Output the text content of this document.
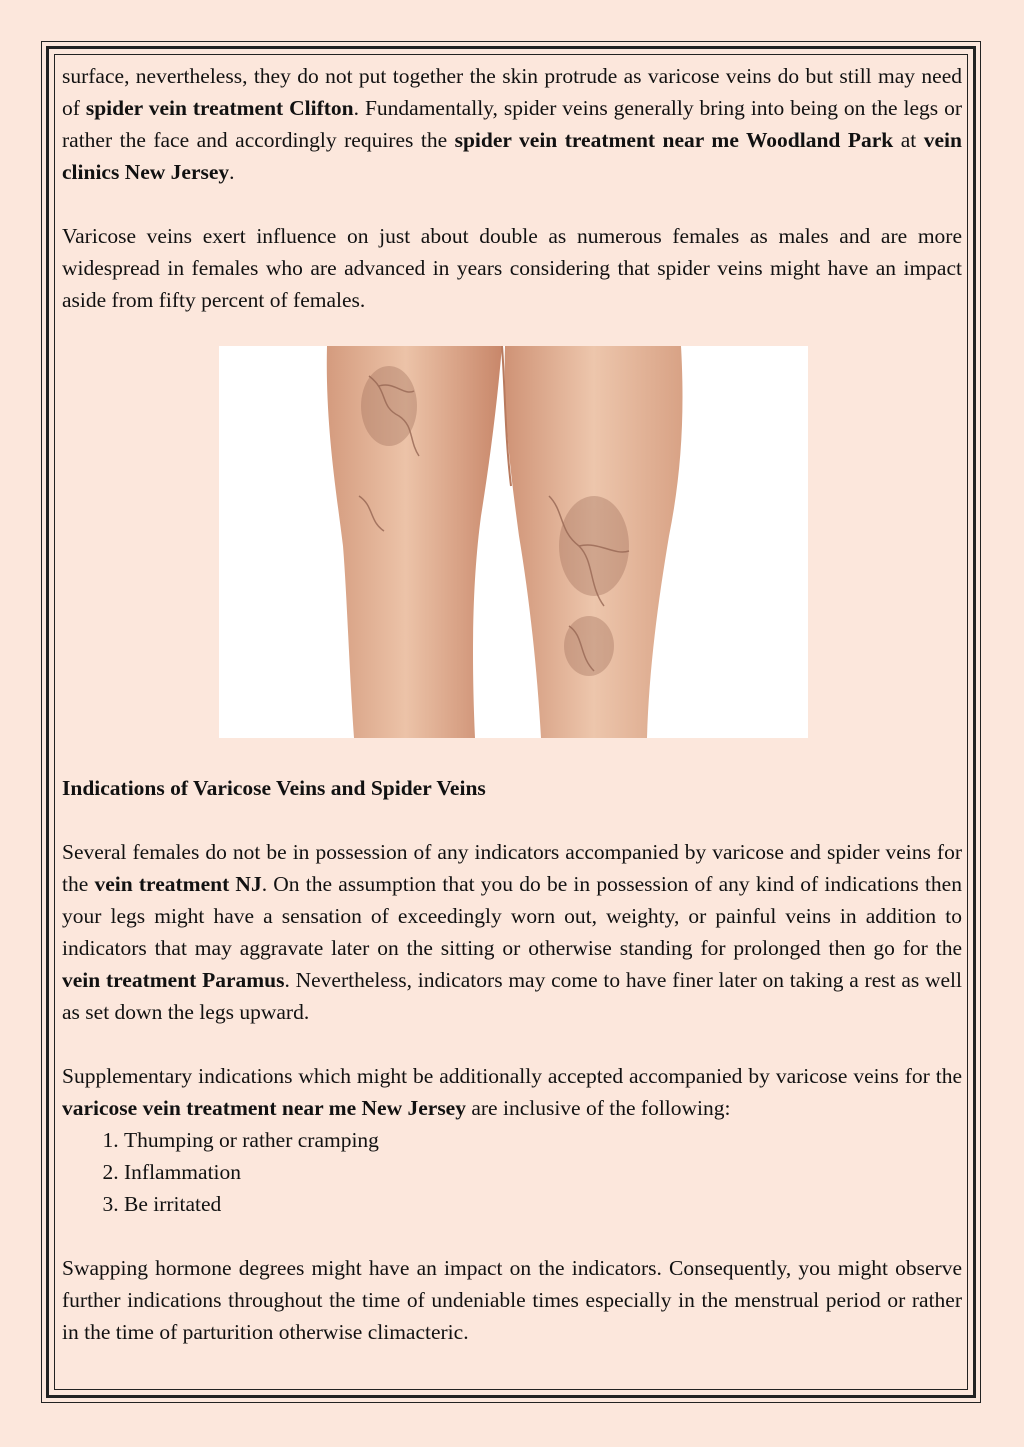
surface, nevertheless, they do not put together the skin protrude as varicose veins do but still may need of spider vein treatment Clifton. Fundamentally, spider veins generally bring into being on the legs or rather the face and accordingly requires the spider vein treatment near me Woodland Park at vein clinics New Jersey.

Varicose veins exert influence on just about double as numerous females as males and are more widespread in females who are advanced in years considering that spider veins might have an impact aside from fifty percent of females.

Indications of Varicose Veins and Spider Veins

Several females do not be in possession of any indicators accompanied by varicose and spider veins for the vein treatment NJ. On the assumption that you do be in possession of any kind of indications then your legs might have a sensation of exceedingly worn out, weighty, or painful veins in addition to indicators that may aggravate later on the sitting or otherwise standing for prolonged then go for the vein treatment Paramus. Nevertheless, indicators may come to have finer later on taking a rest as well as set down the legs upward.

Supplementary indications which might be additionally accepted accompanied by varicose veins for the varicose vein treatment near me New Jersey are inclusive of the following:

1. Thumping or rather cramping
2. Inflammation
3. Be irritated

Swapping hormone degrees might have an impact on the indicators. Consequently, you might observe further indications throughout the time of undeniable times especially in the menstrual period or rather in the time of parturition otherwise climacteric.
